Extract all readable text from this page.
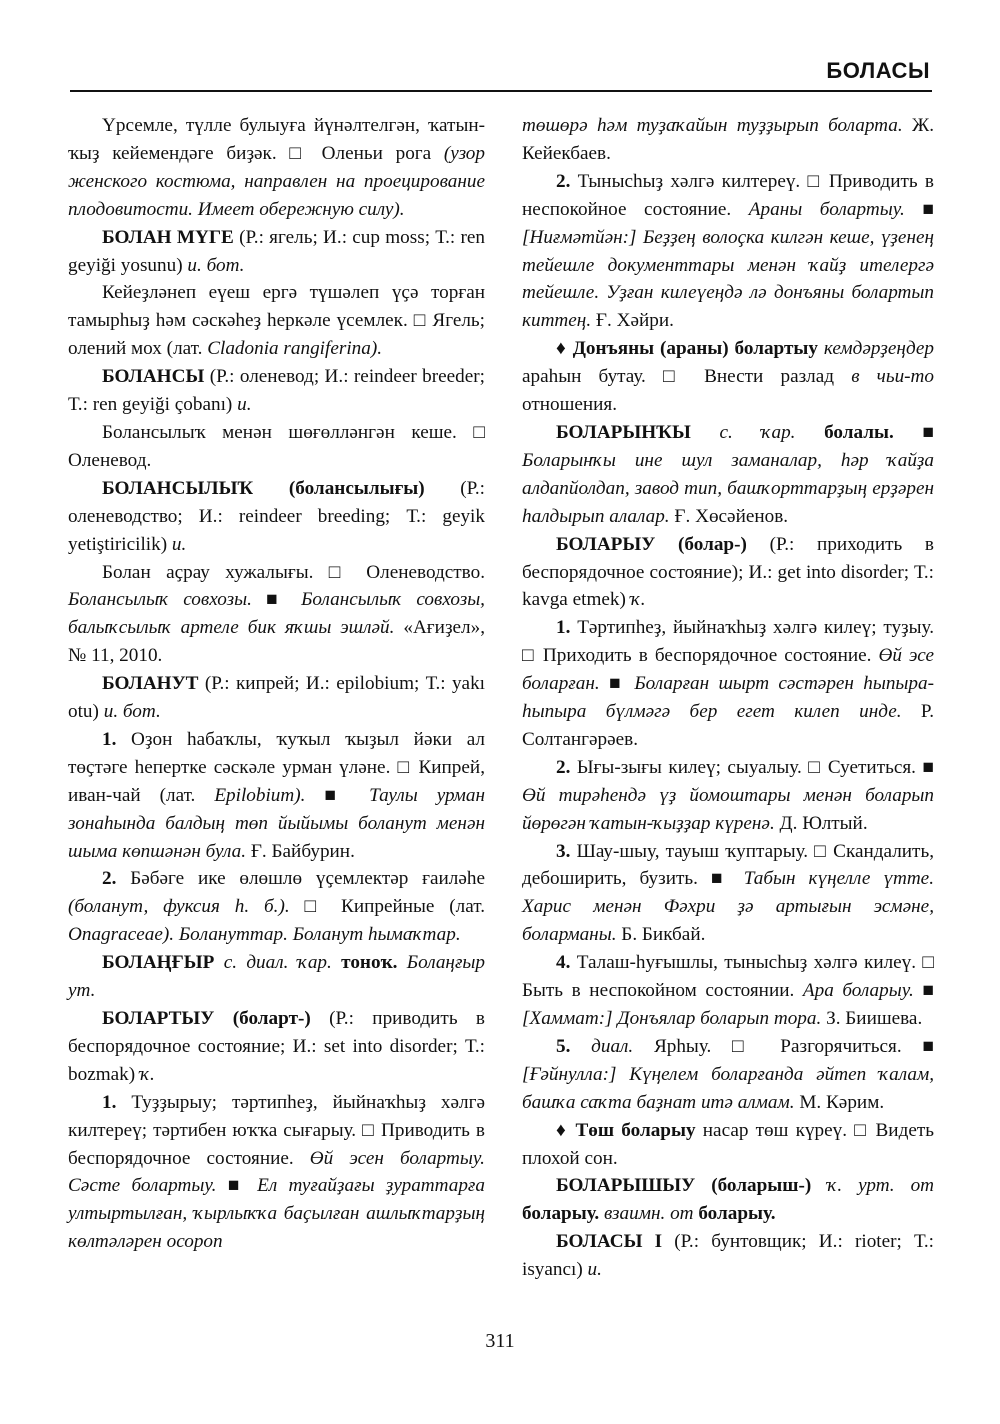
БОЛАСЫ

Үрсемле, түлле булыуға йүнәлтелгән, ҡатын-ҡыҙ кейемендәге биҙәк. □ Оленьи рога (узор женского костюма, направлен на проецирование плодовитости. Имеет обережную силу).

БОЛАН МҮГЕ (Р.: ягель; И.: cup moss; Т.: ren geyiği yosunu) и. бот.

Кейеҙләнеп еүеш ергә түшәлеп үҫә торған тамырһыҙ һәм сәскәһеҙ һеркәле үсемлек. □ Ягель; олений мох (лат. Cladonia rangiferina).

БОЛАНСЫ (Р.: оленевод; И.: reindeer breeder; Т.: ren geyiği çobanı) и.

Болансылыҡ менән шөғөлләнгән кеше. □ Оленевод.

БОЛАНСЫЛЫҠ (болансылығы) (Р.: оленеводство; И.: reindeer breeding; Т.: geyik yetiştiricilik) и.

Болан аҫрау хужалығы. □ Оленеводство. Болансылыҡ совхозы. ■ Болансылыҡ совхозы, балыҡсылыҡ артеле бик яҡшы эшләй. «Ағиҙел», № 11, 2010.

БОЛАНУТ (Р.: кипрей; И.: epilobium; Т.: yakı otu) и. бот.

1. Оҙон һабаҡлы, ҡуҡыл ҡыҙыл йәки ал төҫтәге һепертке сәскәле урман үләне. □ Кипрей, иван-чай (лат. Epilobium). ■ Таулы урман зонаһында балдың төп йыйымы боланут менән шыма көпшәнән була. Ғ. Байбурин.

2. Бәбәге ике өлөшлө үҫемлектәр ғаиләһе (боланут, фуксия һ. б.). □ Кипрейные (лат. Onagraceae). Бoлануттар. Боланут һымаҡтар.

БОЛАҢҒЫР с. диал. ҡар. тонoҡ. Болаңғыр ут.

БОЛАРТЫУ (боларт-) (Р.: приводить в беспорядочное состояние; И.: set into disorder; Т.: bozmak) ҡ.

1. Туҙҙырыу; тәртипһеҙ, йыйнаҡһыҙ хәлгә килтереү; тәртибен юҡҡа сығарыу. □ Приводить в беспорядочное состояние. Өй эсен болартыу. Сәсте болартыу. ■ Ел туғайҙағы ҙураттарға ултыртылған, ҡырлыҡҡа баҫылған ашлыҡтарҙың көлтәләрен осороп

төшөрә һәм туҙаҡайын туҙҙырып боларта. Ж. Кейекбаев.

2. Тынысһыҙ хәлгә килтереү. □ Приводить в неспокойное состояние. Араны болартыу. ■ [Ниғмәтйән:] Беҙҙең волоҫка килгән кеше, үҙенең тейешле документтары менән ҡайҙ ителергә тейешле. Уҙған килеүеңдә лә донъяны болартып киттең. Ғ. Хәйри.

♦ Донъяны (араны) болартыу кемдәрҙеңдер араһын бутау. □ Внести разлад в чьи-то отношения.

БОЛАРЫНҠЫ с. ҡар. болалы. ■ Боларынҡы ине шул заманалар, һәр ҡайҙа алдапйолдап, завод тип, башҡорттарҙың ерҙәрен һалдырып алалар. Ғ. Хөсәйенов.

БОЛАРЫУ (болар-) (Р.: приходить в беспорядочное состояние); И.: get into disorder; Т.: kavga etmek) ҡ.

1. Тәртипһеҙ, йыйнаҡһыҙ хәлгә килеү; туҙыу. □ Приходить в беспорядочное состояние. Өй эсе боларған. ■ Боларған шырт сәстәрен һыпыра-һыпыра бүлмәгә бер егет килеп инде. Р. Солтангәрәев.

2. Ығы-зығы килеү; сыуалыу. □ Суетиться. ■ Өй тирәһендә үҙ йомоштары менән боларып йөрөгән ҡатын-ҡыҙҙар күренә. Д. Юлтый.

3. Шау-шыу, тауыш ҡуптарыу. □ Скандалить, дебоширить, бузить. ■ Табын күңелле үтте. Харис менән Фәхри ҙә артығын эсмәне, боларманы. Б. Бикбай.

4. Талаш-һуғышлы, тынысһыҙ хәлгә килеү. □ Быть в неспокойном состоянии. Ара боларыу. ■ [Хаммат:] Донъялар боларып тора. З. Биишева.

5. диал. Ярһыу. □ Разгорячиться. ■ [Ғәйнулла:] Күңелем боларғанда әйтеп ҡалам, башҡа саҡта баҙнат итә алмам. М. Кәрим.

♦ Төш боларыу насар төш күреү. □ Видеть плохой сон.

БОЛАРЫШЫУ (боларыш-) ҡ. урт. от боларыу. взаимн. от боларыу.

БОЛАСЫ I (Р.: бунтовщик; И.: rioter; Т.: isyancı) и.

311
